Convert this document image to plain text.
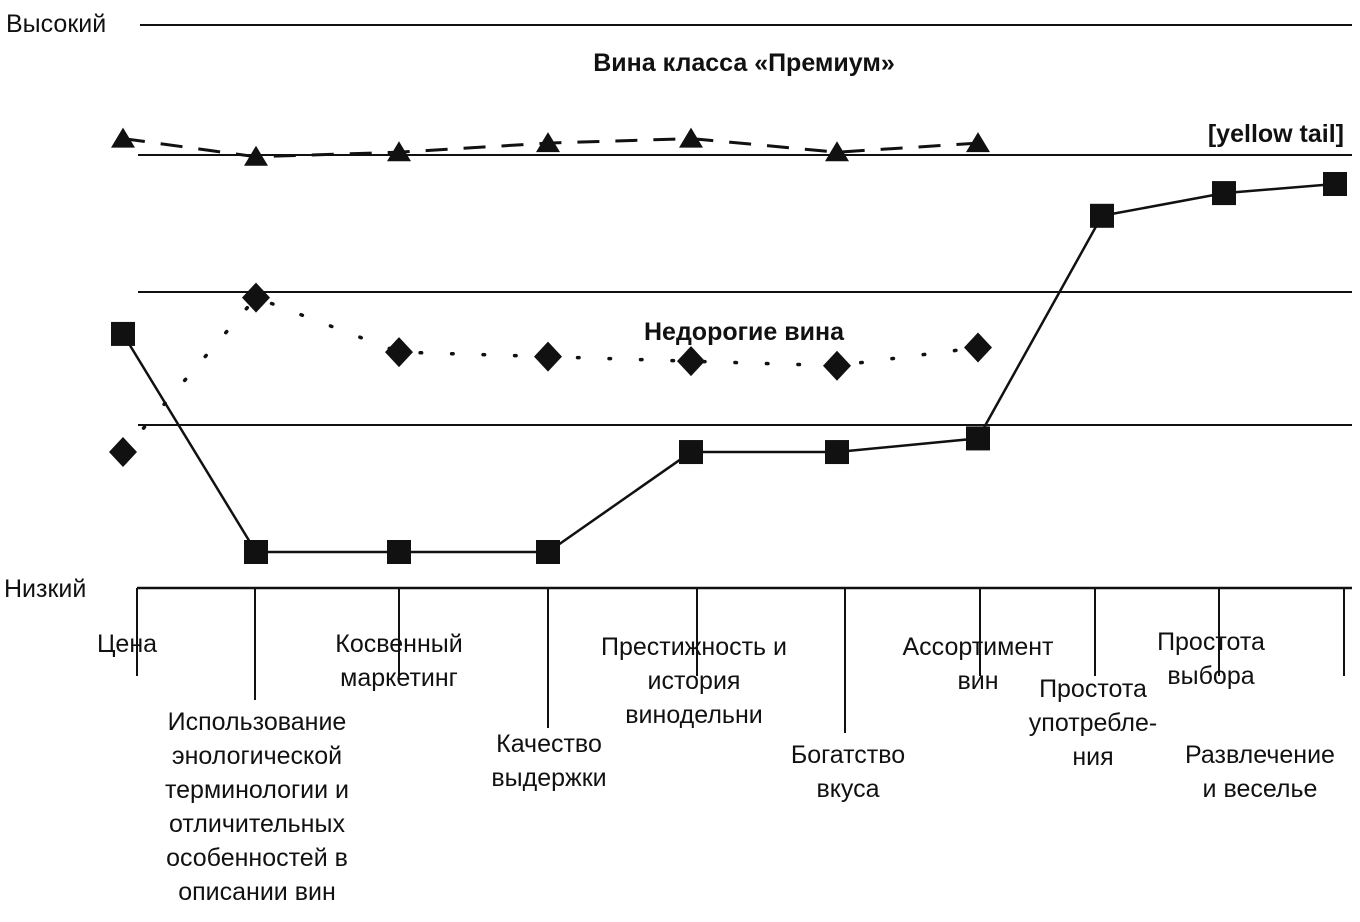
Высокий
Низкий
Вина класса «Премиум»
[yellow tail]
Недорогие вина
Цена
Использование энологической терминологии и отличительных особенностей в описании вин
Косвенный маркетинг
Качество выдержки
Престижность и история винодельни
Богатство вкуса
Ассортимент вин	Простота употребле-ния
Простота выбора
Развлечение и веселье
